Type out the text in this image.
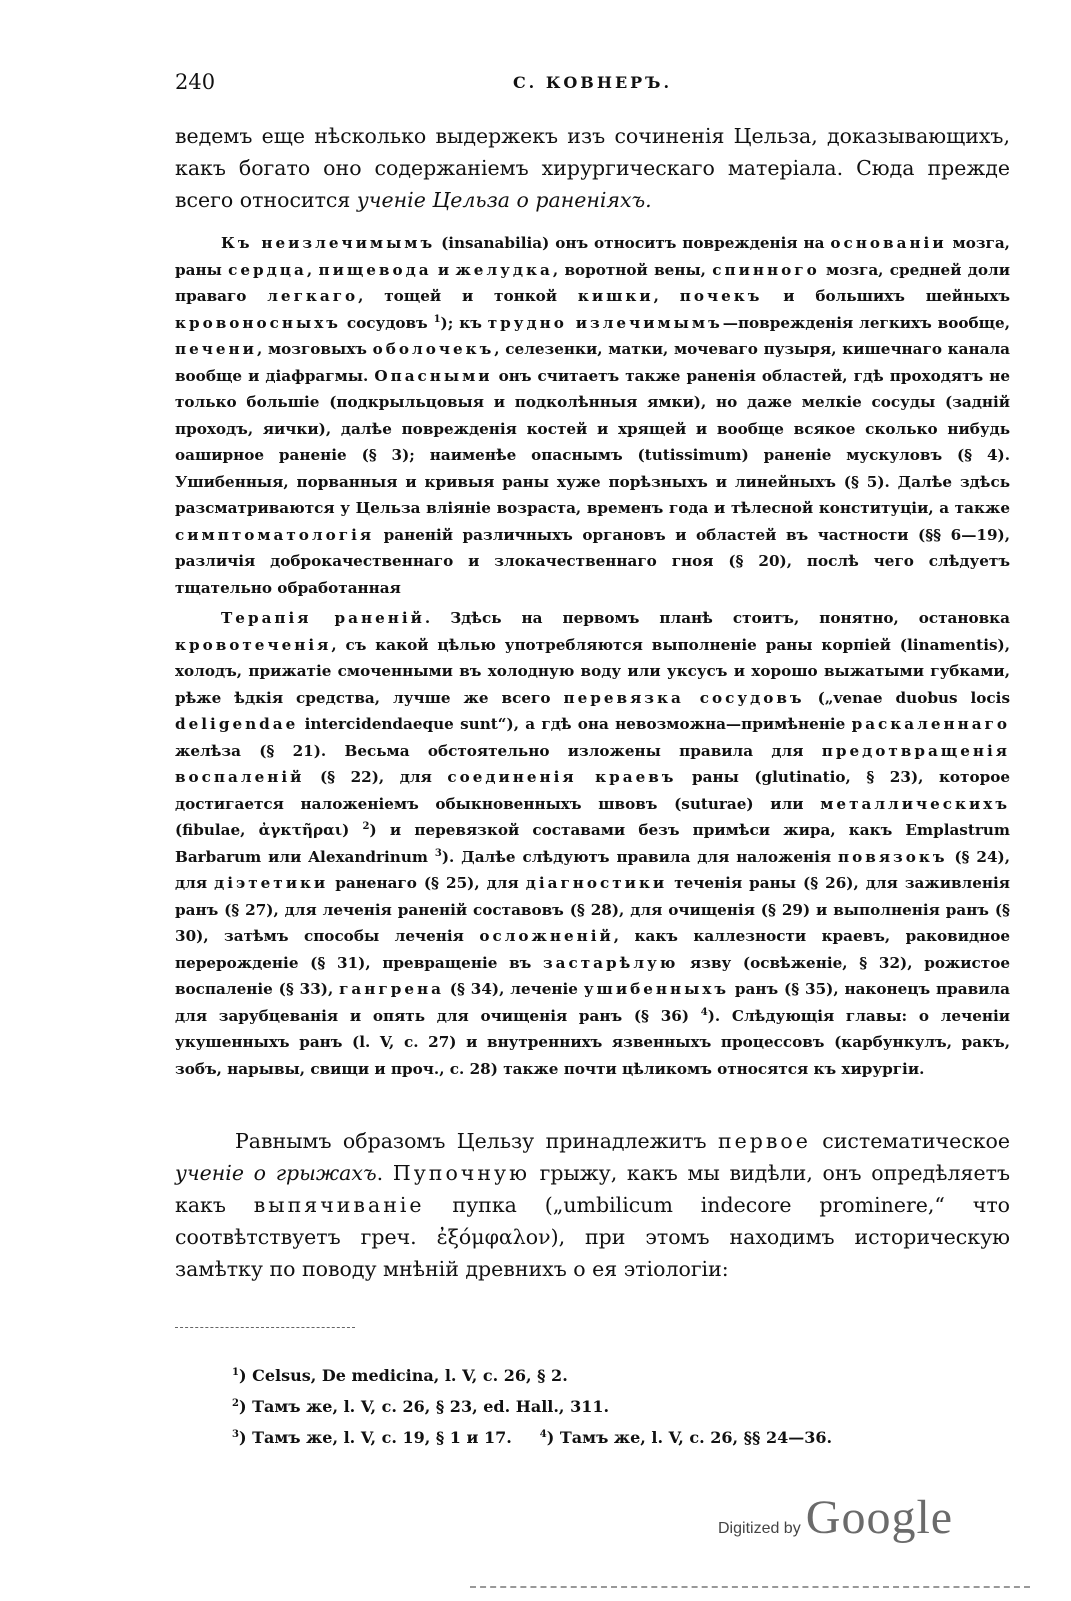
240	С. КОВНЕРЪ.

ведемъ еще нѣсколько выдержекъ изъ сочиненія Цельза, доказывающихъ, какъ богато оно содержаніемъ хирургическаго матеріала. Сюда прежде всего относится ученіе Цельза о раненіяхъ.

Къ неизлечимымъ (insanabilia) онъ относитъ поврежденія на основаніи мозга, раны сердца, пищевода и желудка, воротной вены, спинного мозга, средней доли праваго легкаго, тощей и тонкой кишки, почекъ и большихъ шейныхъ кровоносныхъ сосудовъ $^1$); къ трудно излечимымъ—поврежденія легкихъ вообще, печени, мозговыхъ оболочекъ, селезенки, матки, мочеваго пузыря, кишечнаго канала вообще и діафрагмы. Опасными онъ считаетъ также раненія областей, гдѣ проходятъ не только большіе (подкрыльцовыя и подколѣнныя ямки), но даже мелкіе сосуды (задній проходъ, яички), далѣе поврежденія костей и хрящей и вообще всякое сколько нибудь оаширное раненіе (§ 3); наименѣе опаснымъ (tutissimum) раненіе мускуловъ (§ 4). Ушибенныя, порванныя и кривыя раны хуже порѣзныхъ и линейныхъ (§ 5). Далѣе здѣсь разсматриваются у Цельза вліяніе возраста, временъ года и тѣлесной конституціи, а также симптоматологія раненій различныхъ органовъ и областей въ частности (§§ 6—19), различія доброкачественнаго и злокачественнаго гноя (§ 20), послѣ чего слѣдуетъ тщательно обработанная

Терапія раненій. Здѣсь на первомъ планѣ стоитъ, понятно, остановка кровотеченія, съ какой цѣлью употребляются выполненіе раны корпіей (linamentis), холодъ, прижатіе смоченными въ холодную воду или уксусъ и хорошо выжатыми губками, рѣже ѣдкія средства, лучше же всего перевязка сосудовъ („venae duobus locis deligendae intercidendaeque sunt“), а гдѣ она невозможна—примѣненіе раскаленнаго желѣза (§ 21). Весьма обстоятельно изложены правила для предотвращенія воспаленій (§ 22), для соединенія краевъ раны (glutinatio, § 23), которое достигается наложеніемъ обыкновенныхъ швовъ (suturae) или металлическихъ (fibulae, ἀγκτῆραι) $^2$) и перевязкой составами безъ примѣси жира, какъ Emplastrum Barbarum или Alexandrinum $^3$). Далѣе слѣдуютъ правила для наложенія повязокъ (§ 24), для діэтетики раненаго (§ 25), для діагностики теченія раны (§ 26), для заживленія ранъ (§ 27), для леченія раненій составовъ (§ 28), для очищенія (§ 29) и выполненія ранъ (§ 30), затѣмъ способы леченія осложненій, какъ каллезности краевъ, раковидное перерожденіе (§ 31), превращеніе въ застарѣлую язву (освѣженіе, § 32), рожистое воспаленіе (§ 33), гангрена (§ 34), леченіе ушибенныхъ ранъ (§ 35), наконецъ правила для зарубцеванія и опять для очищенія ранъ (§ 36) $^4$). Слѣдующія главы: о леченіи укушенныхъ ранъ (l. V, c. 27) и внутреннихъ язвенныхъ процессовъ (карбункулъ, ракъ, зобъ, нарывы, свищи и проч., c. 28) также почти цѣликомъ относятся къ хирургіи.

Равнымъ образомъ Цельзу принадлежитъ первое систематическое ученіе о грыжахъ. Пупочную грыжу, какъ мы видѣли, онъ опредѣляетъ какъ выпячиваніе пупка („umbilicum indecore prominere,“ что соотвѣтствуетъ греч. ἐξόμφαλον), при этомъ находимъ историческую замѣтку по поводу мнѣній древнихъ о ея этіологіи:

$^1$) Celsus, De medicina, l. V, c. 26, § 2.

$^2$) Тамъ же, l. V, c. 26, § 23, ed. Hall., 311.

$^3$) Тамъ же, l. V, c. 19, § 1 и 17.	$^4$) Тамъ же, l. V, c. 26, §§ 24—36.

Digitized by Google
